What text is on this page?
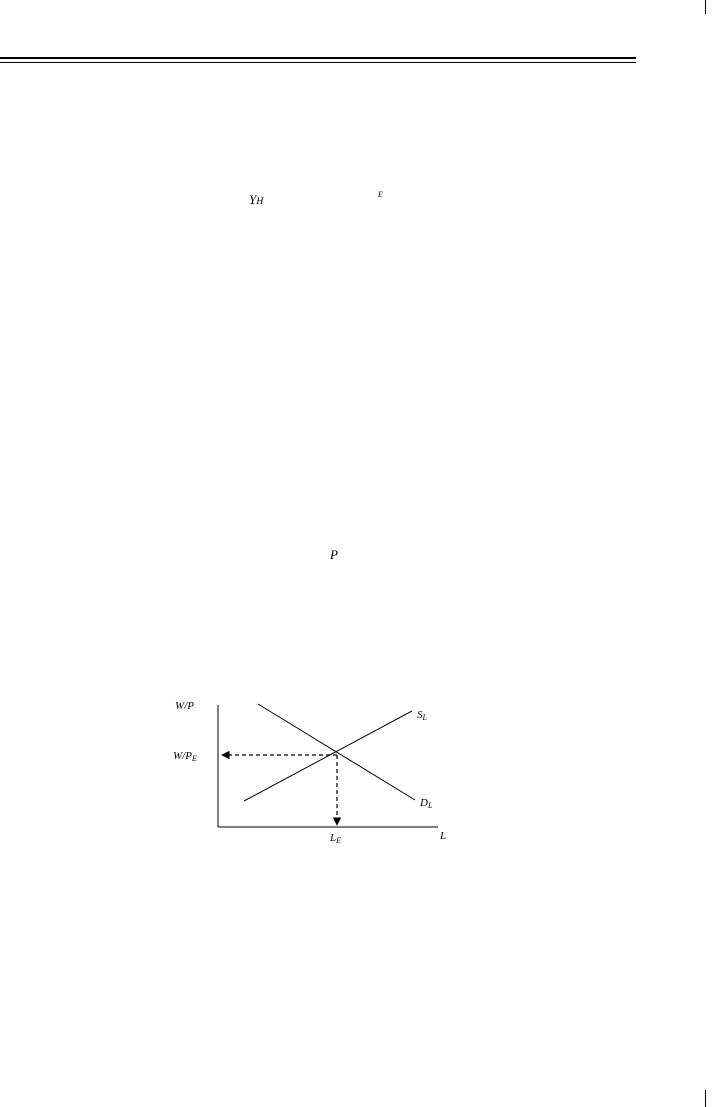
YH
E
P
W/P
L
W/PE
LE
SL
DL
